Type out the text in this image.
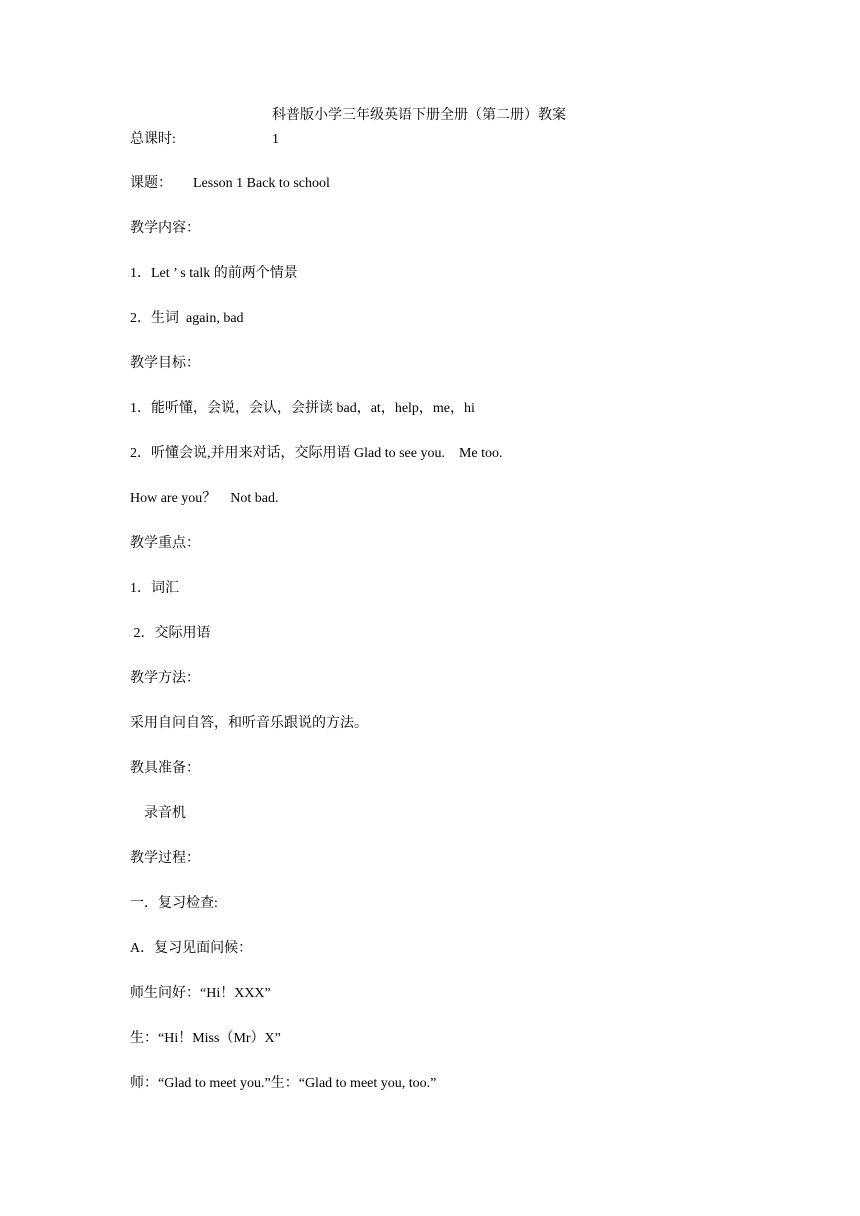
科普版小学三年级英语下册全册（第二册）教案
总课时:	1
课题：      Lesson 1 Back to school
教学内容：
1．Let ’ s talk 的前两个情景
2．生词  again, bad
教学目标：
1．能听懂，会说，会认，会拼读 bad，at，help，me，hi
2．听懂会说,并用来对话，交际用语 Glad to see you.    Me too.
How are you？    Not bad.
教学重点：
1．词汇
2．交际用语
教学方法：
采用自问自答，和听音乐跟说的方法。
教具准备：
录音机
教学过程：
一．复习检查:
A．复习见面问候：
师生问好：“Hi！XXX”
生：“Hi！Miss（Mr）X”
师：“Glad to meet you.”生：“Glad to meet you, too.”
